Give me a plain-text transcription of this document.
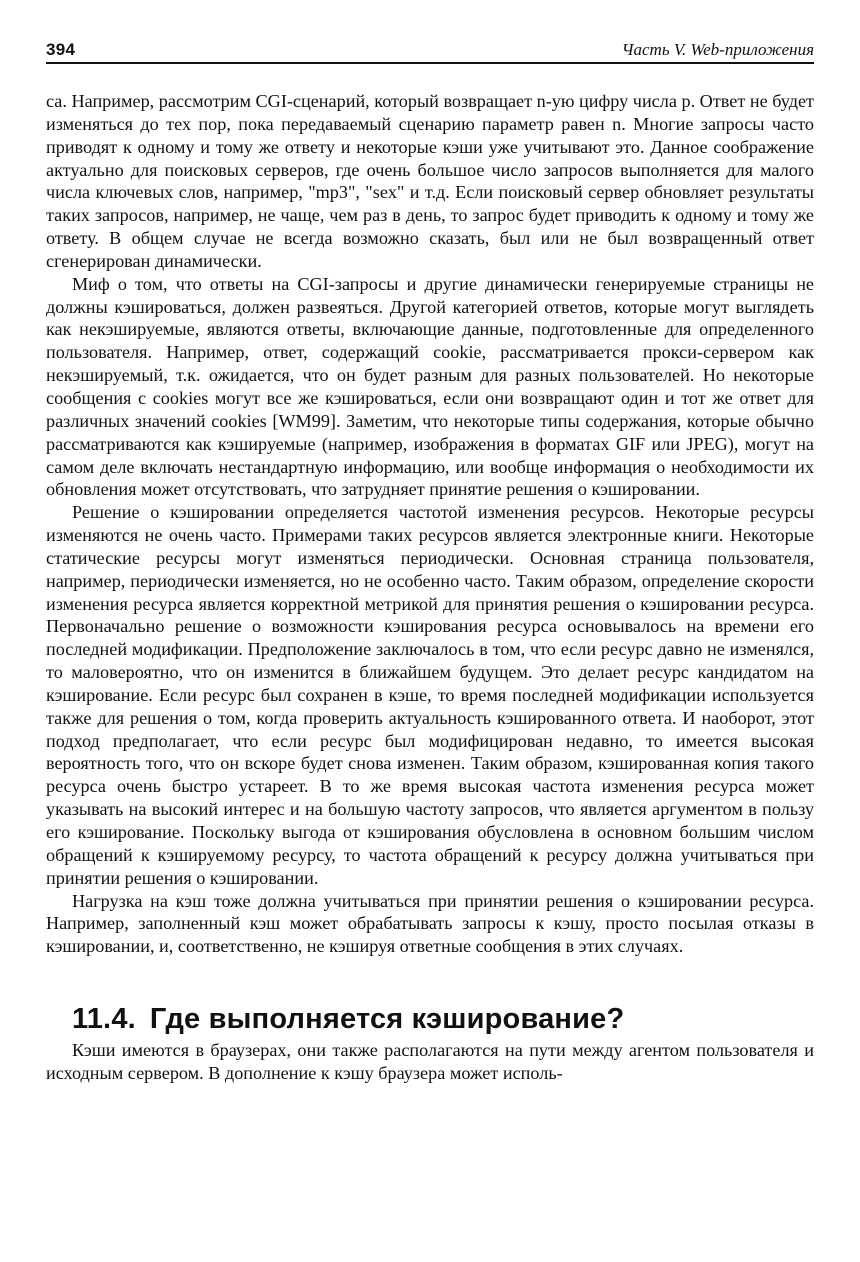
394	Часть V. Web-приложения

са. Например, рассмотрим CGI-сценарий, который возвращает n-ую цифру числа p. Ответ не будет изменяться до тех пор, пока передаваемый сценарию параметр равен n. Многие запросы часто приводят к одному и тому же ответу и некоторые кэши уже учитывают это. Данное соображение актуально для поисковых серверов, где очень большое число запросов выполняется для малого числа ключевых слов, например, "mp3", "sex" и т.д. Если поисковый сервер обновляет результаты таких запросов, например, не чаще, чем раз в день, то запрос будет приводить к одному и тому же ответу. В общем случае не всегда возможно сказать, был или не был возвращенный ответ сгенерирован динамически.

Миф о том, что ответы на CGI-запросы и другие динамически генерируемые страницы не должны кэшироваться, должен развеяться. Другой категорией ответов, которые могут выглядеть как некэшируемые, являются ответы, включающие данные, подготовленные для определенного пользователя. Например, ответ, содержащий cookie, рассматривается прокси-сервером как некэшируемый, т.к. ожидается, что он будет разным для разных пользователей. Но некоторые сообщения с cookies могут все же кэшироваться, если они возвращают один и тот же ответ для различных значений cookies [WM99]. Заметим, что некоторые типы содержания, которые обычно рассматриваются как кэшируемые (например, изображения в форматах GIF или JPEG), могут на самом деле включать нестандартную информацию, или вообще информация о необходимости их обновления может отсутствовать, что затрудняет принятие решения о кэшировании.

Решение о кэшировании определяется частотой изменения ресурсов. Некоторые ресурсы изменяются не очень часто. Примерами таких ресурсов является электронные книги. Некоторые статические ресурсы могут изменяться периодически. Основная страница пользователя, например, периодически изменяется, но не особенно часто. Таким образом, определение скорости изменения ресурса является корректной метрикой для принятия решения о кэшировании ресурса. Первоначально решение о возможности кэширования ресурса основывалось на времени его последней модификации. Предположение заключалось в том, что если ресурс давно не изменялся, то маловероятно, что он изменится в ближайшем будущем. Это делает ресурс кандидатом на кэширование. Если ресурс был сохранен в кэше, то время последней модификации используется также для решения о том, когда проверить актуальность кэшированного ответа. И наоборот, этот подход предполагает, что если ресурс был модифицирован недавно, то имеется высокая вероятность того, что он вскоре будет снова изменен. Таким образом, кэшированная копия такого ресурса очень быстро устареет. В то же время высокая частота изменения ресурса может указывать на высокий интерес и на большую частоту запросов, что является аргументом в пользу его кэширование. Поскольку выгода от кэширования обусловлена в основном большим числом обращений к кэшируемому ресурсу, то частота обращений к ресурсу должна учитываться при принятии решения о кэшировании.

Нагрузка на кэш тоже должна учитываться при принятии решения о кэшировании ресурса. Например, заполненный кэш может обрабатывать запросы к кэшу, просто посылая отказы в кэшировании, и, соответственно, не кэшируя ответные сообщения в этих случаях.

11.4. Где выполняется кэширование?

Кэши имеются в браузерах, они также располагаются на пути между агентом пользователя и исходным сервером. В дополнение к кэшу браузера может исполь-
